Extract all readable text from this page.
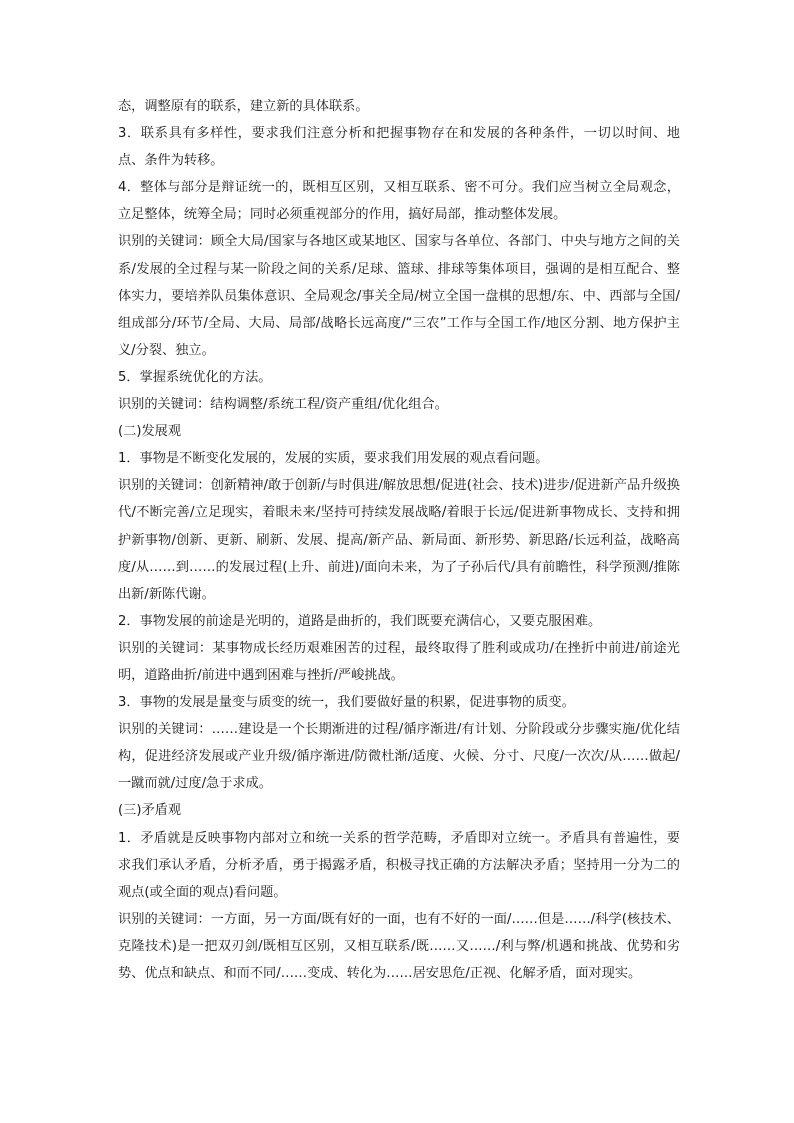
态，调整原有的联系，建立新的具体联系。

3．联系具有多样性，要求我们注意分析和把握事物存在和发展的各种条件，一切以时间、地点、条件为转移。

4．整体与部分是辩证统一的，既相互区别，又相互联系、密不可分。我们应当树立全局观念，立足整体，统筹全局；同时必须重视部分的作用，搞好局部，推动整体发展。

识别的关键词：顾全大局/国家与各地区或某地区、国家与各单位、各部门、中央与地方之间的关系/发展的全过程与某一阶段之间的关系/足球、篮球、排球等集体项目，强调的是相互配合、整体实力，要培养队员集体意识、全局观念/事关全局/树立全国一盘棋的思想/东、中、西部与全国/组成部分/环节/全局、大局、局部/战略长远高度/“三农”工作与全国工作/地区分割、地方保护主义/分裂、独立。

5．掌握系统优化的方法。

识别的关键词：结构调整/系统工程/资产重组/优化组合。

(二)发展观

1．事物是不断变化发展的，发展的实质，要求我们用发展的观点看问题。

识别的关键词：创新精神/敢于创新/与时俱进/解放思想/促进(社会、技术)进步/促进新产品升级换代/不断完善/立足现实，着眼未来/坚持可持续发展战略/着眼于长远/促进新事物成长、支持和拥护新事物/创新、更新、刷新、发展、提高/新产品、新局面、新形势、新思路/长远利益，战略高度/从……到……的发展过程(上升、前进)/面向未来，为了子孙后代/具有前瞻性，科学预测/推陈出新/新陈代谢。

2．事物发展的前途是光明的，道路是曲折的，我们既要充满信心，又要克服困难。

识别的关键词：某事物成长经历艰难困苦的过程，最终取得了胜利或成功/在挫折中前进/前途光明，道路曲折/前进中遇到困难与挫折/严峻挑战。

3．事物的发展是量变与质变的统一，我们要做好量的积累，促进事物的质变。

识别的关键词：……建设是一个长期渐进的过程/循序渐进/有计划、分阶段或分步骤实施/优化结构，促进经济发展或产业升级/循序渐进/防微杜渐/适度、火候、分寸、尺度/一次次/从……做起/一蹴而就/过度/急于求成。

(三)矛盾观

1．矛盾就是反映事物内部对立和统一关系的哲学范畴，矛盾即对立统一。矛盾具有普遍性，要求我们承认矛盾，分析矛盾，勇于揭露矛盾，积极寻找正确的方法解决矛盾；坚持用一分为二的观点(或全面的观点)看问题。

识别的关键词：一方面，另一方面/既有好的一面，也有不好的一面/……但是……/科学(核技术、克隆技术)是一把双刃剑/既相互区别，又相互联系/既……又……/利与弊/机遇和挑战、优势和劣势、优点和缺点、和而不同/……变成、转化为……居安思危/正视、化解矛盾，面对现实。
